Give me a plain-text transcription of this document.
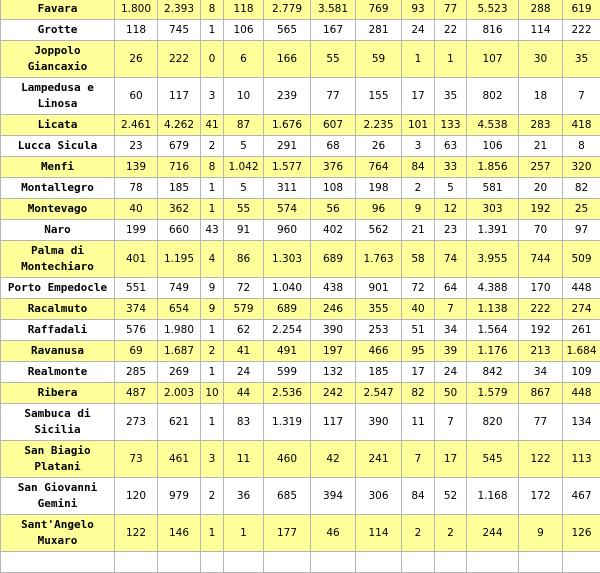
Favara	1.800	2.393	8	118	2.779	3.581	769	93	77	5.523	288	619
Grotte	118	745	1	106	565	167	281	24	22	816	114	222
Joppolo Giancaxio	26	222	0	6	166	55	59	1	1	107	30	35
Lampedusa e Linosa	60	117	3	10	239	77	155	17	35	802	18	7
Licata	2.461	4.262	41	87	1.676	607	2.235	101	133	4.538	283	418
Lucca Sicula	23	679	2	5	291	68	26	3	63	106	21	8
Menfi	139	716	8	1.042	1.577	376	764	84	33	1.856	257	320
Montallegro	78	185	1	5	311	108	198	2	5	581	20	82
Montevago	40	362	1	55	574	56	96	9	12	303	192	25
Naro	199	660	43	91	960	402	562	21	23	1.391	70	97
Palma di Montechiaro	401	1.195	4	86	1.303	689	1.763	58	74	3.955	744	509
Porto Empedocle	551	749	9	72	1.040	438	901	72	64	4.388	170	448
Racalmuto	374	654	9	579	689	246	355	40	7	1.138	222	274
Raffadali	576	1.980	1	62	2.254	390	253	51	34	1.564	192	261
Ravanusa	69	1.687	2	41	491	197	466	95	39	1.176	213	1.684
Realmonte	285	269	1	24	599	132	185	17	24	842	34	109
Ribera	487	2.003	10	44	2.536	242	2.547	82	50	1.579	867	448
Sambuca di Sicilia	273	621	1	83	1.319	117	390	11	7	820	77	134
San Biagio Platani	73	461	3	11	460	42	241	7	17	545	122	113
San Giovanni Gemini	120	979	2	36	685	394	306	84	52	1.168	172	467
Sant'Angelo Muxaro	122	146	1	1	177	46	114	2	2	244	9	126
